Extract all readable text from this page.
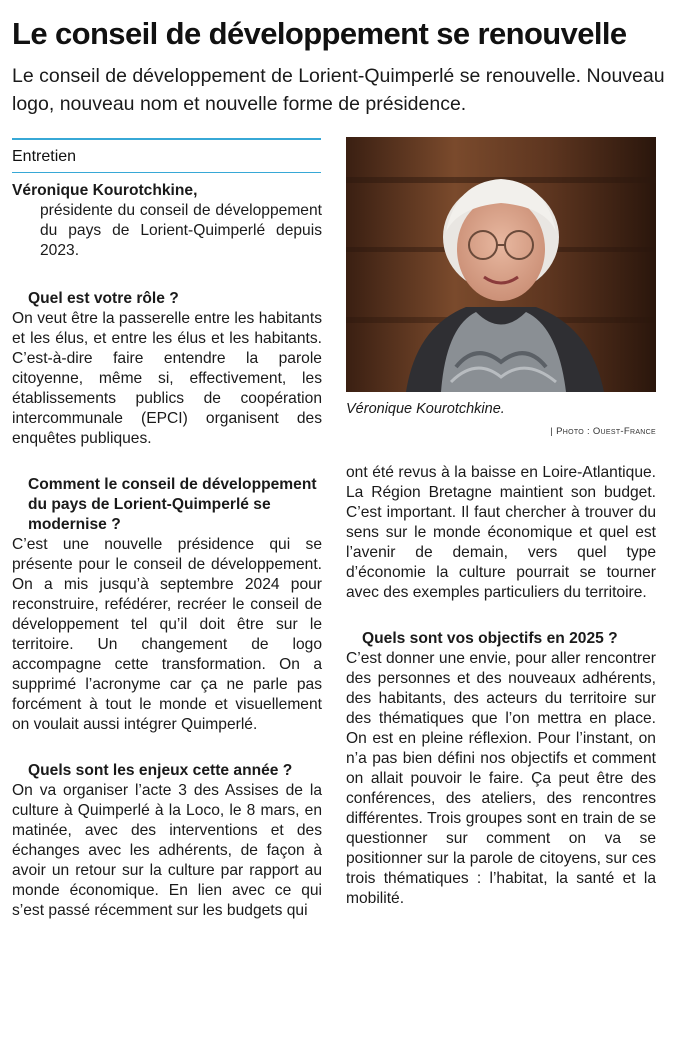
Le conseil de développement se renouvelle

Le conseil de développement de Lorient-Quimperlé se renouvelle. Nouveau logo, nouveau nom et nouvelle forme de présidence.

Entretien

Véronique Kourotchkine,

présidente du conseil de développement du pays de Lorient-Quimperlé depuis 2023.

Quel est votre rôle ?

On veut être la passerelle entre les habitants et les élus, et entre les élus et les habitants. C’est-à-dire faire entendre la parole citoyenne, même si, effectivement, les établissements publics de coopération intercommunale (EPCI) organisent des enquêtes publiques.

Comment le conseil de développement du pays de Lorient-Quimperlé se modernise ?

C’est une nouvelle présidence qui se présente pour le conseil de développement. On a mis jusqu’à septembre 2024 pour reconstruire, refédérer, recréer le conseil de développement tel qu’il doit être sur le territoire. Un changement de logo accompagne cette transformation. On a supprimé l’acronyme car ça ne parle pas forcément à tout le monde et visuellement on voulait aussi intégrer Quimperlé.

Quels sont les enjeux cette année ?

On va organiser l’acte 3 des Assises de la culture à Quimperlé à la Loco, le 8 mars, en matinée, avec des interventions et des échanges avec les adhérents, de façon à avoir un retour sur la culture par rapport au monde économique. En lien avec ce qui s’est passé récemment sur les budgets qui

Véronique Kourotchkine.

| Photo : Ouest-France

ont été revus à la baisse en Loire-Atlantique. La Région Bretagne maintient son budget. C’est important. Il faut chercher à trouver du sens sur le monde économique et quel est l’avenir de demain, vers quel type d’économie la culture pourrait se tourner avec des exemples particuliers du territoire.

Quels sont vos objectifs en 2025 ?

C’est donner une envie, pour aller rencontrer des personnes et des nouveaux adhérents, des habitants, des acteurs du territoire sur des thématiques que l’on mettra en place. On est en pleine réflexion. Pour l’instant, on n’a pas bien défini nos objectifs et comment on allait pouvoir le faire. Ça peut être des conférences, des ateliers, des rencontres différentes. Trois groupes sont en train de se questionner sur comment on va se positionner sur la parole de citoyens, sur ces trois thématiques : l’habitat, la santé et la mobilité.
